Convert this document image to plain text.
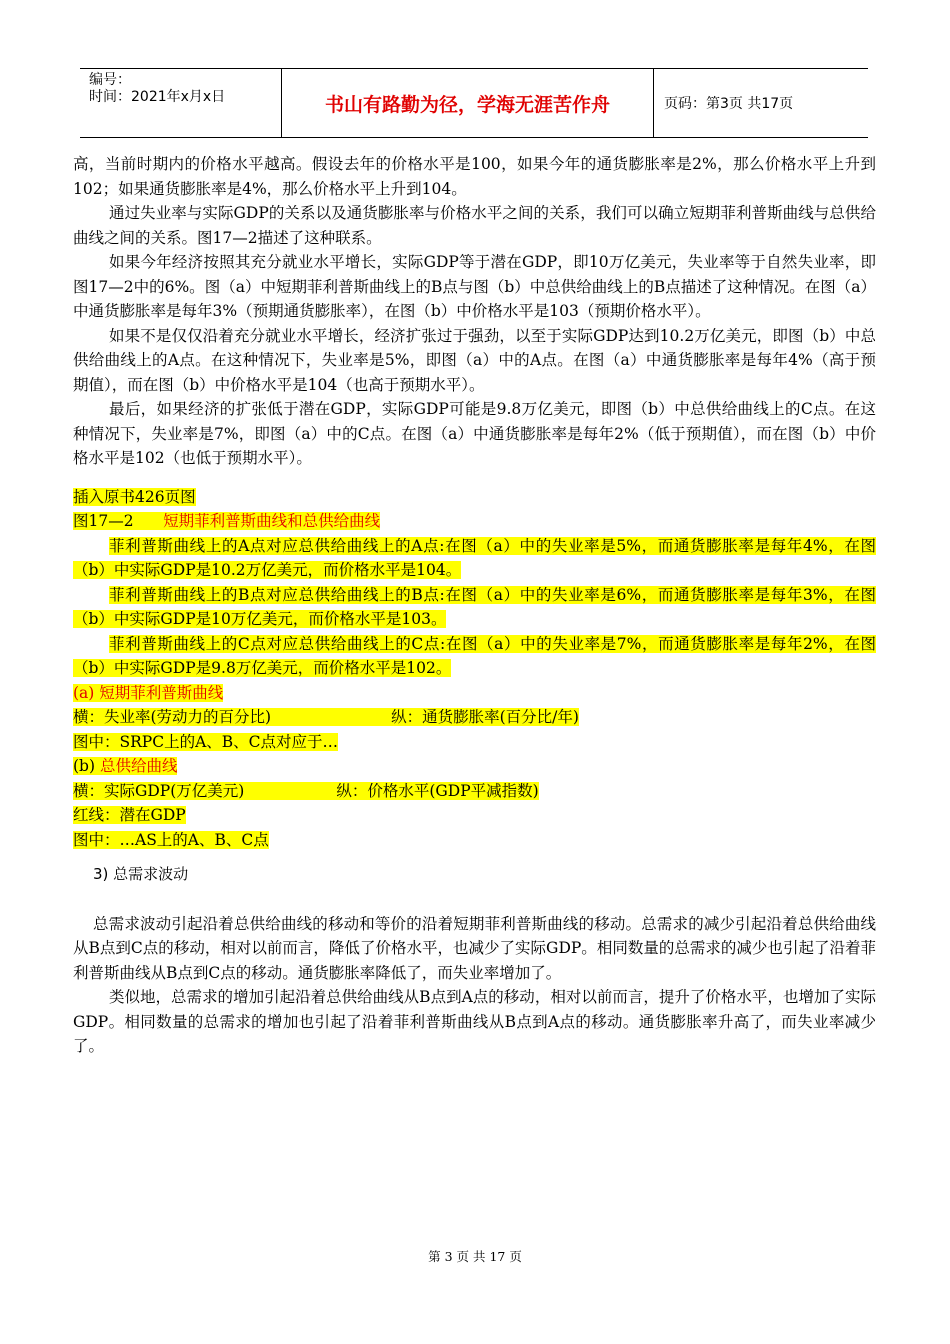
编号：
时间：2021年x月x日	书山有路勤为径，学海无涯苦作舟	页码：第3页 共17页

高，当前时期内的价格水平越高。假设去年的价格水平是100，如果今年的通货膨胀率是2%，那么价格水平上升到102；如果通货膨胀率是4%，那么价格水平上升到104。

通过失业率与实际GDP的关系以及通货膨胀率与价格水平之间的关系，我们可以确立短期菲利普斯曲线与总供给曲线之间的关系。图17—2描述了这种联系。

如果今年经济按照其充分就业水平增长，实际GDP等于潜在GDP，即10万亿美元，失业率等于自然失业率，即图17—2中的6%。图（a）中短期菲利普斯曲线上的B点与图（b）中总供给曲线上的B点描述了这种情况。在图（a）中通货膨胀率是每年3%（预期通货膨胀率），在图（b）中价格水平是103（预期价格水平）。

如果不是仅仅沿着充分就业水平增长，经济扩张过于强劲，以至于实际GDP达到10.2万亿美元，即图（b）中总供给曲线上的A点。在这种情况下，失业率是5%，即图（a）中的A点。在图（a）中通货膨胀率是每年4%（高于预期值），而在图（b）中价格水平是104（也高于预期水平）。

最后，如果经济的扩张低于潜在GDP，实际GDP可能是9.8万亿美元，即图（b）中总供给曲线上的C点。在这种情况下，失业率是7%，即图（a）中的C点。在图（a）中通货膨胀率是每年2%（低于预期值），而在图（b）中价格水平是102（也低于预期水平）。

插入原书426页图

图17—2 短期菲利普斯曲线和总供给曲线

菲利普斯曲线上的A点对应总供给曲线上的A点:在图（a）中的失业率是5%，而通货膨胀率是每年4%，在图（b）中实际GDP是10.2万亿美元，而价格水平是104。

菲利普斯曲线上的B点对应总供给曲线上的B点:在图（a）中的失业率是6%，而通货膨胀率是每年3%，在图（b）中实际GDP是10万亿美元，而价格水平是103。

菲利普斯曲线上的C点对应总供给曲线上的C点:在图（a）中的失业率是7%，而通货膨胀率是每年2%，在图（b）中实际GDP是9.8万亿美元，而价格水平是102。

(a) 短期菲利普斯曲线

横：失业率(劳动力的百分比)	纵：通货膨胀率(百分比/年)

图中：SRPC上的A、B、C点对应于…

(b) 总供给曲线

横：实际GDP(万亿美元)	纵：价格水平(GDP平减指数)

红线：潜在GDP

图中：…AS上的A、B、C点

3) 总需求波动

总需求波动引起沿着总供给曲线的移动和等价的沿着短期菲利普斯曲线的移动。总需求的减少引起沿着总供给曲线从B点到C点的移动，相对以前而言，降低了价格水平，也减少了实际GDP。相同数量的总需求的减少也引起了沿着菲利普斯曲线从B点到C点的移动。通货膨胀率降低了，而失业率增加了。

类似地，总需求的增加引起沿着总供给曲线从B点到A点的移动，相对以前而言，提升了价格水平，也增加了实际GDP。相同数量的总需求的增加也引起了沿着菲利普斯曲线从B点到A点的移动。通货膨胀率升高了，而失业率减少了。

第 3 页 共 17 页
